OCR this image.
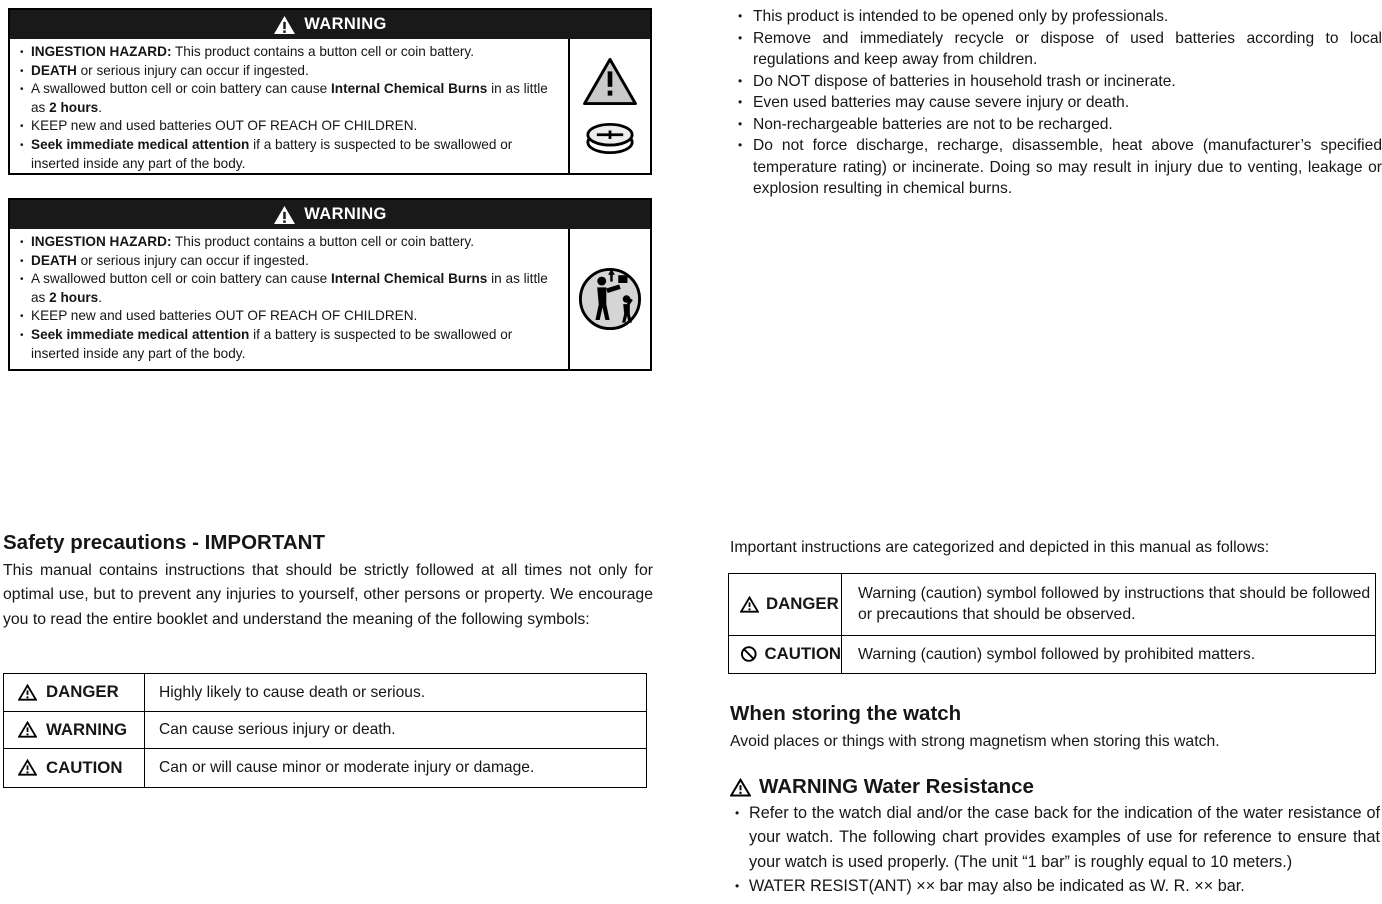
WARNING
• INGESTION HAZARD: This product contains a button cell or coin battery.
• DEATH or serious injury can occur if ingested.
• A swallowed button cell or coin battery can cause Internal Chemical Burns in as little as 2 hours.
• KEEP new and used batteries OUT OF REACH OF CHILDREN.
• Seek immediate medical attention if a battery is suspected to be swallowed or inserted inside any part of the body.
WARNING
• INGESTION HAZARD: This product contains a button cell or coin battery.
• DEATH or serious injury can occur if ingested.
• A swallowed button cell or coin battery can cause Internal Chemical Burns in as little as 2 hours.
• KEEP new and used batteries OUT OF REACH OF CHILDREN.
• Seek immediate medical attention if a battery is suspected to be swallowed or inserted inside any part of the body.
• This product is intended to be opened only by professionals.
• Remove and immediately recycle or dispose of used batteries according to local regulations and keep away from children.
• Do NOT dispose of batteries in household trash or incinerate.
• Even used batteries may cause severe injury or death.
• Non-rechargeable batteries are not to be recharged.
• Do not force discharge, recharge, disassemble, heat above (manufacturer’s specified temperature rating) or incinerate. Doing so may result in injury due to venting, leakage or explosion resulting in chemical burns.
Safety precautions - IMPORTANT

This manual contains instructions that should be strictly followed at all times not only for optimal use, but to prevent any injuries to yourself, other persons or property. We encourage you to read the entire booklet and understand the meaning of the following symbols:

DANGER	Highly likely to cause death or serious.
WARNING Can cause serious injury or death.
CAUTION Can or will cause minor or moderate injury or damage.

Important instructions are categorized and depicted in this manual as follows:

DANGER
Warning (caution) symbol followed by instructions that should be followed or precautions that should be observed.
CAUTION Warning (caution) symbol followed by prohibited matters.
When storing the watch

Avoid places or things with strong magnetism when storing this watch.

WARNING Water Resistance
• Refer to the watch dial and/or the case back for the indication of the water resistance of your watch. The following chart provides examples of use for reference to ensure that your watch is used properly. (The unit “1 bar” is roughly equal to 10 meters.)
• WATER RESIST(ANT) ×× bar may also be indicated as W. R. ×× bar.
